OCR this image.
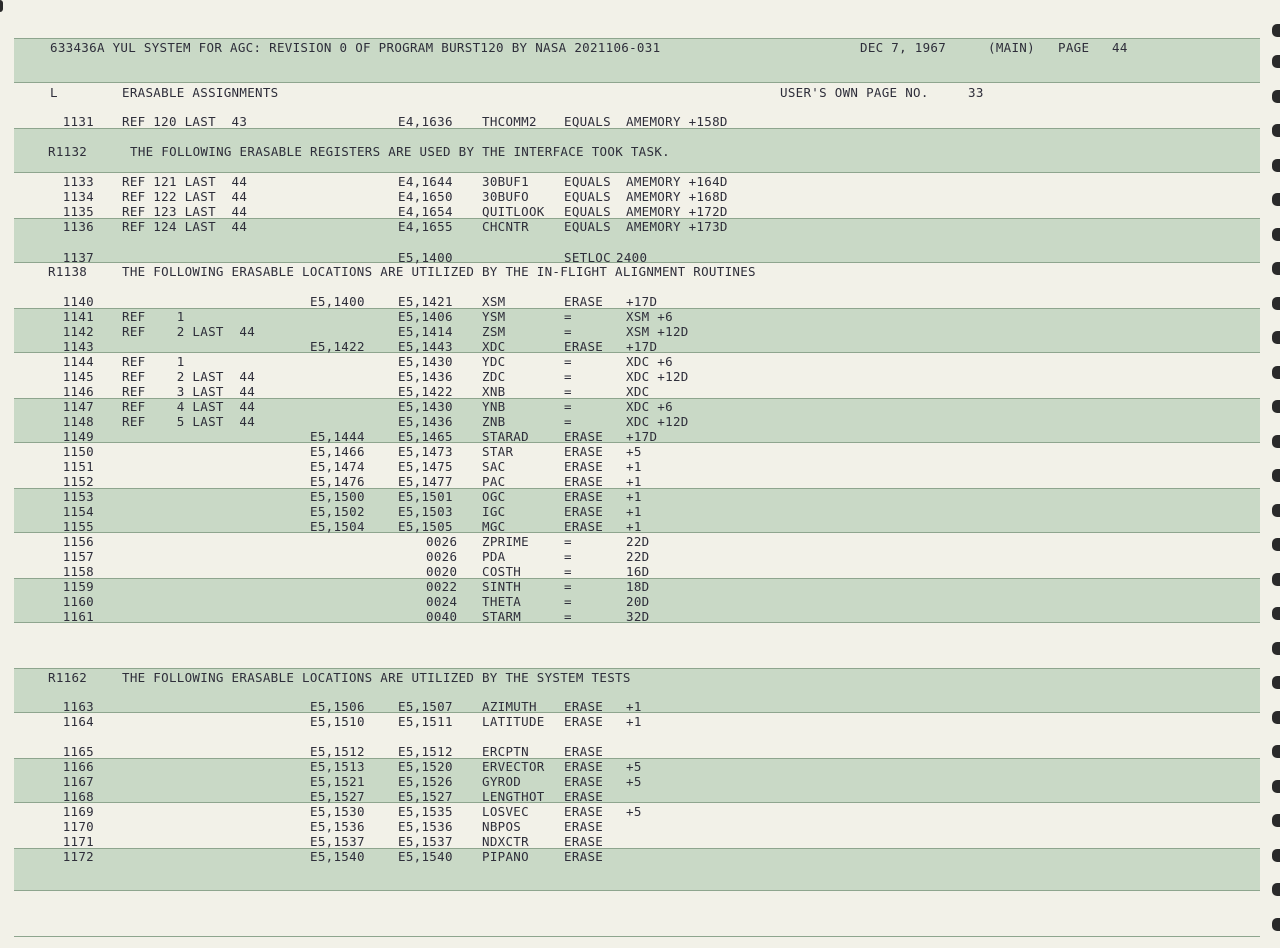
633436A YUL SYSTEM FOR AGC: REVISION 0 OF PROGRAM BURST120 BY NASA 2021106-031	DEC 7, 1967	(MAIN) PAGE 44
L	ERASABLE ASSIGNMENTS	USER'S OWN PAGE NO.	33
1131 REF 120 LAST  43	E4,1636 THCOMM2 EQUALS AMEMORY +158D
R1132	THE FOLLOWING ERASABLE REGISTERS ARE USED BY THE INTERFACE TOOK TASK.
1133 REF 121 LAST  44	E4,1644 30BUF1	EQUALS AMEMORY +164D
1134 REF 122 LAST  44	E4,1650 30BUFO	EQUALS AMEMORY +168D
1135 REF 123 LAST  44	E4,1654 QUITLOOK EQUALS AMEMORY +172D
1136 REF 124 LAST  44	E4,1655 CHCNTR	EQUALS AMEMORY +173D
1137	E5,1400	SETLOC 2400
R1138	THE FOLLOWING ERASABLE LOCATIONS ARE UTILIZED BY THE IN-FLIGHT ALIGNMENT ROUTINES
1140	E5,1400	E5,1421 XSM	ERASE +17D
1141 REF    1	E5,1406 YSM	=	XSM +6
1142 REF    2 LAST  44	E5,1414 ZSM	=	XSM +12D
1143	E5,1422	E5,1443 XDC	ERASE +17D
1144 REF    1	E5,1430 YDC	=	XDC +6
1145 REF    2 LAST  44	E5,1436 ZDC	=	XDC +12D
1146 REF    3 LAST  44	E5,1422 XNB	=	XDC
1147 REF    4 LAST  44	E5,1430 YNB	=	XDC +6
1148 REF    5 LAST  44	E5,1436 ZNB	=	XDC +12D
1149	E5,1444	E5,1465 STARAD	ERASE +17D
1150	E5,1466	E5,1473 STAR	ERASE +5
1151	E5,1474	E5,1475 SAC	ERASE +1
1152	E5,1476	E5,1477 PAC	ERASE +1
1153	E5,1500	E5,1501 OGC	ERASE +1
1154	E5,1502	E5,1503 IGC	ERASE +1
1155	E5,1504	E5,1505 MGC	ERASE +1
1156	0026 ZPRIME	=	22D
1157	0026 PDA	=	22D
1158	0020 COSTH	=	16D
1159	0022 SINTH	=	18D
1160	0024 THETA	=	20D
1161	0040 STARM	=	32D
R1162	THE FOLLOWING ERASABLE LOCATIONS ARE UTILIZED BY THE SYSTEM TESTS
1163	E5,1506	E5,1507 AZIMUTH ERASE +1
1164	E5,1510	E5,1511 LATITUDE ERASE +1
1165	E5,1512	E5,1512 ERCPTN	ERASE
1166	E5,1513	E5,1520 ERVECTOR ERASE +5
1167	E5,1521	E5,1526 GYROD	ERASE +5
1168	E5,1527	E5,1527 LENGTHOT ERASE
1169	E5,1530	E5,1535 LOSVEC	ERASE +5
1170	E5,1536	E5,1536 NBPOS	ERASE
1171	E5,1537	E5,1537 NDXCTR	ERASE
1172	E5,1540	E5,1540 PIPANO	ERASE
